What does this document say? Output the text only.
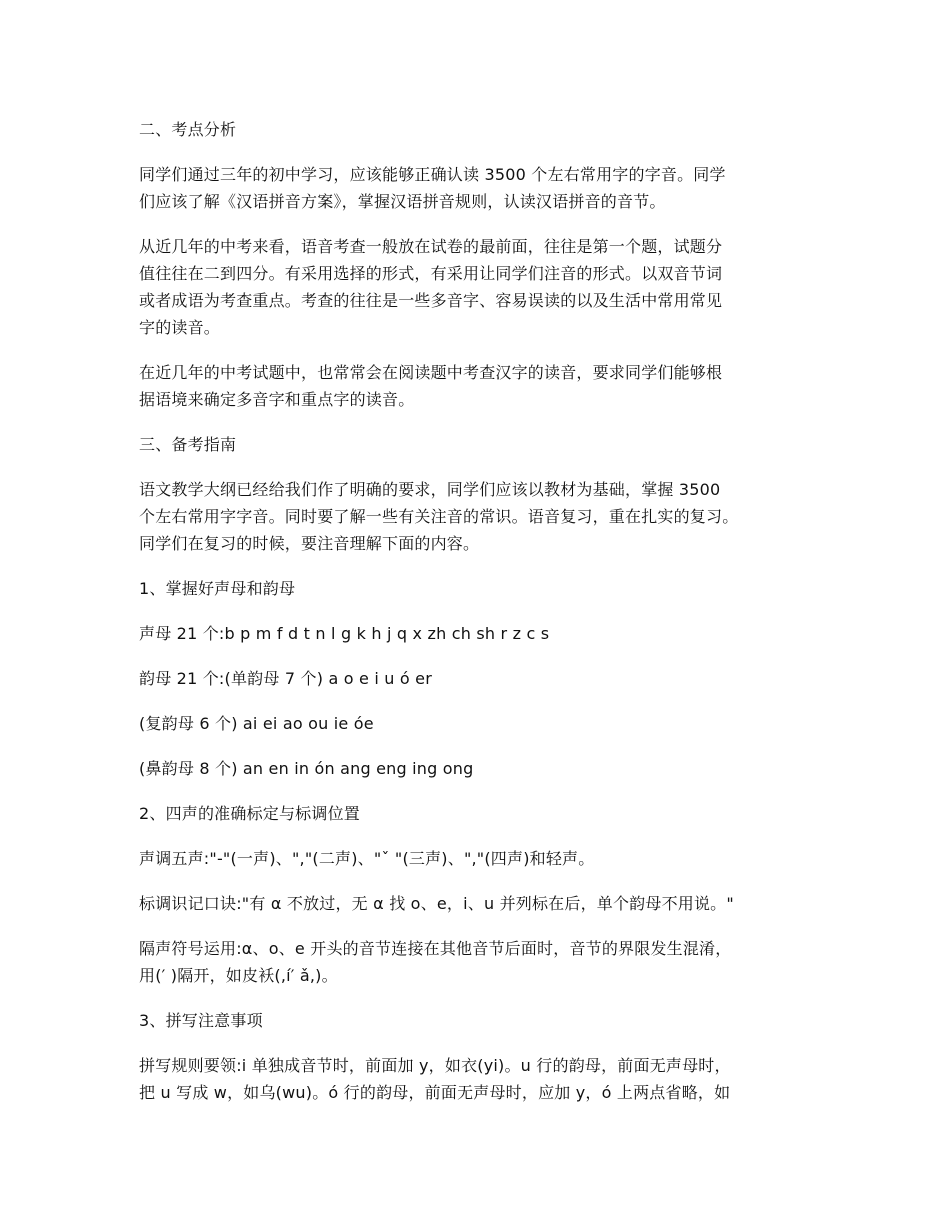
二、考点分析

同学们通过三年的初中学习，应该能够正确认读 3500 个左右常用字的字音。同学
们应该了解《汉语拼音方案》，掌握汉语拼音规则，认读汉语拼音的音节。

从近几年的中考来看，语音考查一般放在试卷的最前面，往往是第一个题，试题分
值往往在二到四分。有采用选择的形式，有采用让同学们注音的形式。以双音节词
或者成语为考查重点。考查的往往是一些多音字、容易误读的以及生活中常用常见
字的读音。

在近几年的中考试题中，也常常会在阅读题中考查汉字的读音，要求同学们能够根
据语境来确定多音字和重点字的读音。

三、备考指南

语文教学大纲已经给我们作了明确的要求，同学们应该以教材为基础，掌握 3500
个左右常用字字音。同时要了解一些有关注音的常识。语音复习，重在扎实的复习。
同学们在复习的时候，要注音理解下面的内容。

1、掌握好声母和韵母

声母 21 个:b p m f d t n l g k h j q x zh ch sh r z c s

韵母 21 个:(单韵母 7 个) a o e i u ó er

(复韵母 6 个) ai ei ao ou ie óe

(鼻韵母 8 个) an en in ón ang eng ing ong

2、四声的准确标定与标调位置

声调五声:"-"(一声)、","(二声)、"ˇ "(三声)、","(四声)和轻声。

标调识记口诀:"有 α 不放过，无 α 找 o、e，i、u 并列标在后，单个韵母不用说。"

隔声符号运用:α、o、e 开头的音节连接在其他音节后面时，音节的界限发生混淆，
用(′ )隔开，如皮袄(,í′ ǎ,)。

3、拼写注意事项

拼写规则要领:i 单独成音节时，前面加 y，如衣(yi)。u 行的韵母，前面无声母时，
把 u 写成 w，如乌(wu)。ó 行的韵母，前面无声母时，应加 y，ó 上两点省略，如
